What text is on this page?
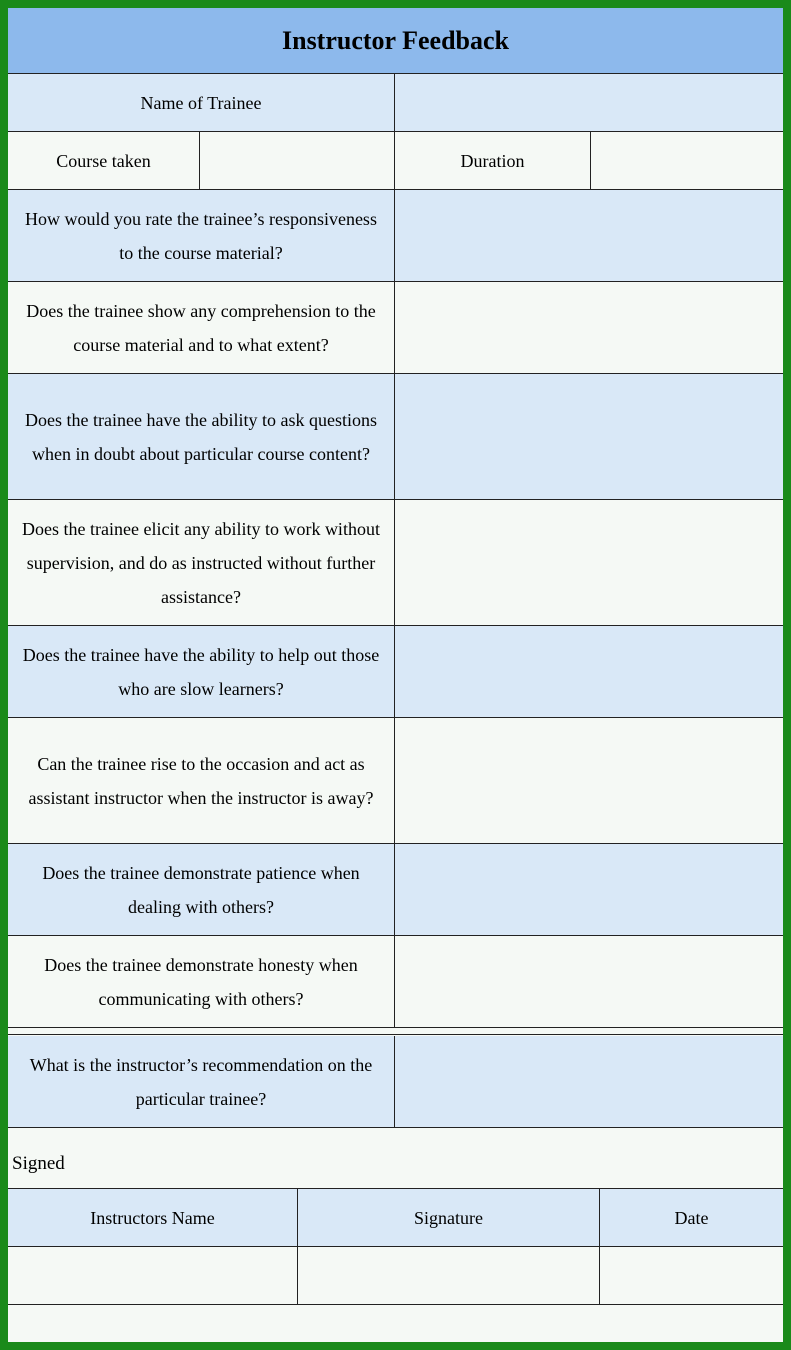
Instructor Feedback
Name of Trainee
Course taken	Duration
How would you rate the trainee’s responsiveness to the course material?
Does the trainee show any comprehension to the course material and to what extent?
Does the trainee have the ability to ask questions when in doubt about particular course content?
Does the trainee elicit any ability to work without supervision, and do as instructed without further assistance?
Does the trainee have the ability to help out those who are slow learners?
Can the trainee rise to the occasion and act as assistant instructor when the instructor is away?
Does the trainee demonstrate patience when dealing with others?
Does the trainee demonstrate honesty when communicating with others?
What is the instructor’s recommendation on the particular trainee?
Signed
Instructors Name	Signature	Date
